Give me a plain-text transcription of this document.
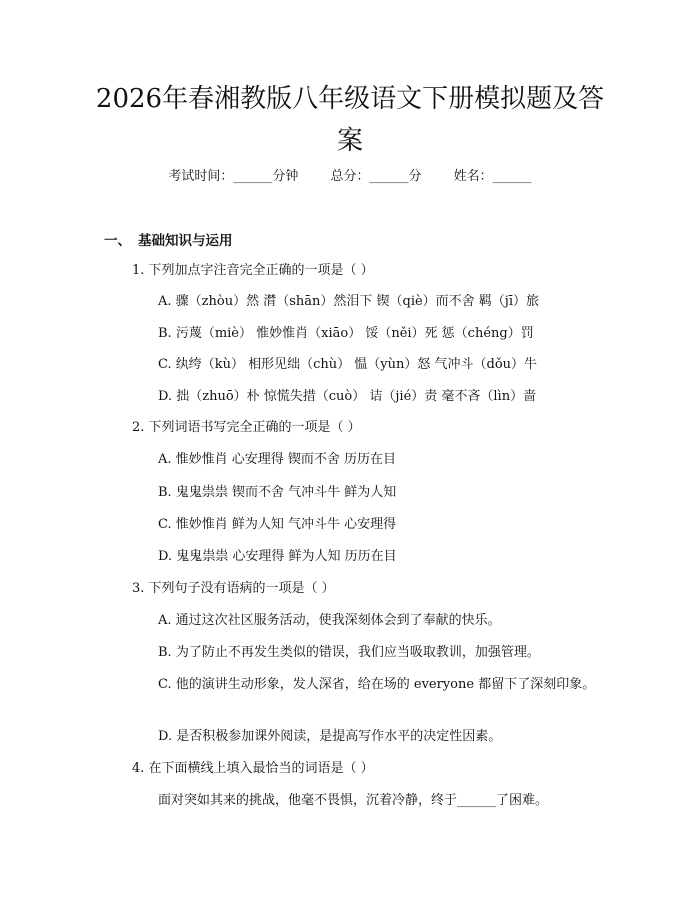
2026年春湘教版八年级语文下册模拟题及答案
考试时间：______分钟 总分：______分 姓名：______
一、 基础知识与运用
1. 下列加点字注音完全正确的一项是（ ）
A. 骤（zhòu）然 潸（shān）然泪下 锲（qiè）而不舍 羁（jī）旅
B. 污蔑（miè） 惟妙惟肖（xiāo） 馁（něi）死 惩（chéng）罚
C. 纨绔（kù） 相形见绌（chù） 愠（yùn）怒 气冲斗（dǒu）牛
D. 拙（zhuō）朴 惊慌失措（cuò） 诘（jié）责 毫不吝（lìn）啬
2. 下列词语书写完全正确的一项是（ ）
A. 惟妙惟肖 心安理得 锲而不舍 历历在目
B. 鬼鬼祟祟 锲而不舍 气冲斗牛 鲜为人知
C. 惟妙惟肖 鲜为人知 气冲斗牛 心安理得
D. 鬼鬼祟祟 心安理得 鲜为人知 历历在目
3. 下列句子没有语病的一项是（ ）
A. 通过这次社区服务活动，使我深刻体会到了奉献的快乐。
B. 为了防止不再发生类似的错误，我们应当吸取教训，加强管理。
C. 他的演讲生动形象，发人深省，给在场的 everyone 都留下了深刻印象。
D. 是否积极参加课外阅读，是提高写作水平的决定性因素。
4. 在下面横线上填入最恰当的词语是（ ）
面对突如其来的挑战，他毫不畏惧，沉着冷静，终于______了困难。
